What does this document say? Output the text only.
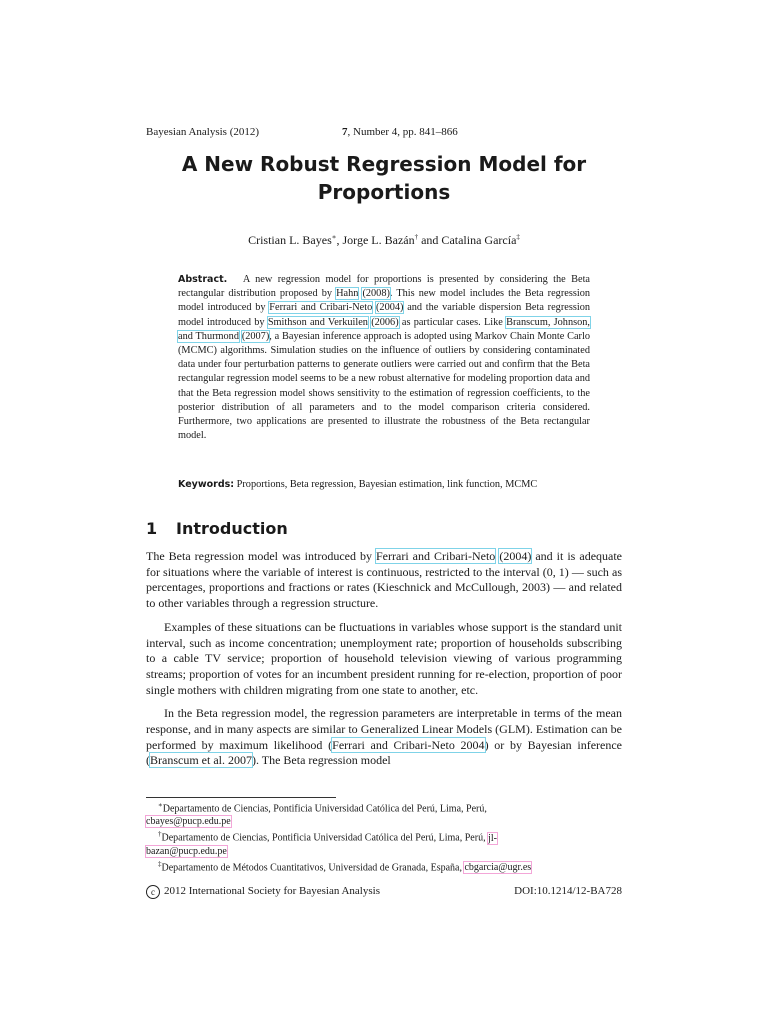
Bayesian Analysis (2012)	7, Number 4, pp. 841–866
A New Robust Regression Model for
Proportions
Cristian L. Bayes∗, Jorge L. Bazán† and Catalina García‡
Abstract. A new regression model for proportions is presented by considering the Beta rectangular distribution proposed by Hahn (2008). This new model includes the Beta regression model introduced by Ferrari and Cribari-Neto (2004) and the variable dispersion Beta regression model introduced by Smithson and Verkuilen (2006) as particular cases. Like Branscum, Johnson, and Thurmond (2007), a Bayesian inference approach is adopted using Markov Chain Monte Carlo (MCMC) algorithms. Simulation studies on the influence of outliers by considering contaminated data under four perturbation patterns to generate outliers were carried out and confirm that the Beta rectangular regression model seems to be a new robust alternative for modeling proportion data and that the Beta regression model shows sensitivity to the estimation of regression coefficients, to the posterior distribution of all parameters and to the model comparison criteria considered. Furthermore, two applications are presented to illustrate the robustness of the Beta rectangular model.
Keywords: Proportions, Beta regression, Bayesian estimation, link function, MCMC
1 Introduction

The Beta regression model was introduced by Ferrari and Cribari-Neto (2004) and it is adequate for situations where the variable of interest is continuous, restricted to the interval (0, 1) — such as percentages, proportions and fractions or rates (Kieschnick and McCullough, 2003) — and related to other variables through a regression structure.

Examples of these situations can be fluctuations in variables whose support is the standard unit interval, such as income concentration; unemployment rate; proportion of households subscribing to a cable TV service; proportion of household television viewing of various programming streams; proportion of votes for an incumbent president running for re-election, proportion of poor single mothers with children migrating from one state to another, etc.

In the Beta regression model, the regression parameters are interpretable in terms of the mean response, and in many aspects are similar to Generalized Linear Models (GLM). Estimation can be performed by maximum likelihood (Ferrari and Cribari-Neto 2004) or by Bayesian inference (Branscum et al. 2007). The Beta regression model

∗Departamento de Ciencias, Pontificia Universidad Católica del Perú, Lima, Perú,
cbayes@pucp.edu.pe

†Departamento de Ciencias, Pontificia Universidad Católica del Perú, Lima, Perú, jl-
bazan@pucp.edu.pe

‡Departamento de Métodos Cuantitativos, Universidad de Granada, España, cbgarcia@ugr.es

c 2012 International Society for Bayesian Analysis	DOI:10.1214/12-BA728
